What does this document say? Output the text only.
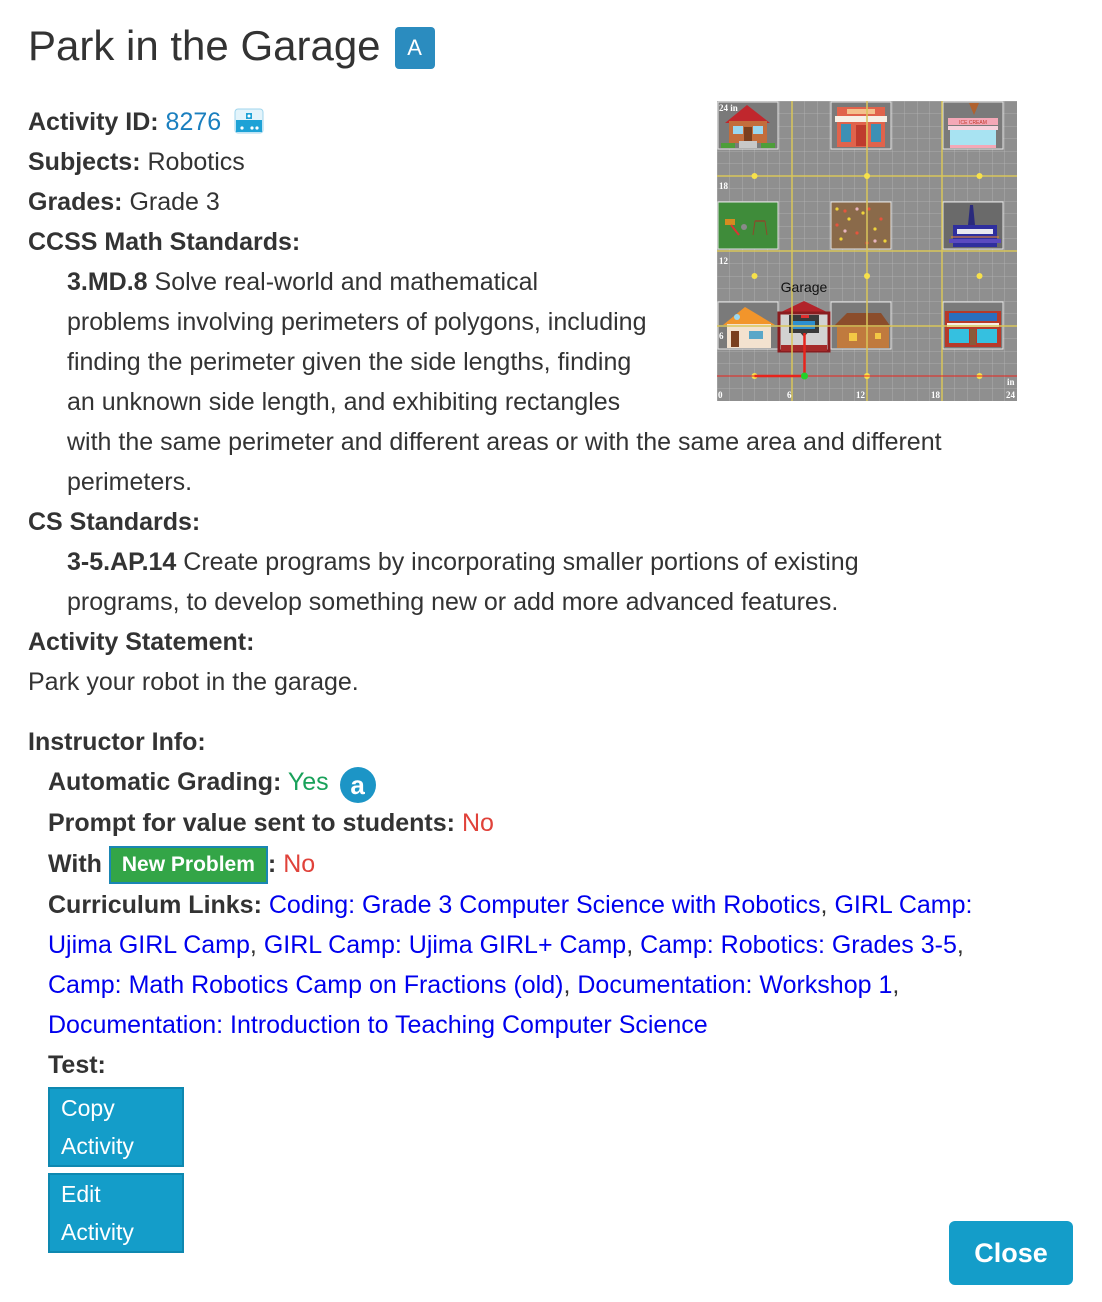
Park in the Garage	A
Activity ID: 8276
Subjects: Robotics
Grades: Grade 3
CCSS Math Standards:
3.MD.8 Solve real-world and mathematical
problems involving perimeters of polygons, including
finding the perimeter given the side lengths, finding
an unknown side length, and exhibiting rectangles
with the same perimeter and different areas or with the same area and different
perimeters.
CS Standards:
3-5.AP.14 Create programs by incorporating smaller portions of existing
programs, to develop something new or add more advanced features.
Activity Statement:
Park your robot in the garage.
Instructor Info:
Automatic Grading: Yes a
Prompt for value sent to students: No
With New Problem : No
Curriculum Links: Coding: Grade 3 Computer Science with Robotics, GIRL Camp: Ujima GIRL Camp, GIRL Camp: Ujima GIRL+ Camp, Camp: Robotics: Grades 3-5, Camp: Math Robotics Camp on Fractions (old), Documentation: Workshop 1, Documentation: Introduction to Teaching Computer Science
Test:
Copy Activity
Edit Activity
ICE CREAM
24 in
18
12
6
0	6	12	18	24
in
Garage
Close
